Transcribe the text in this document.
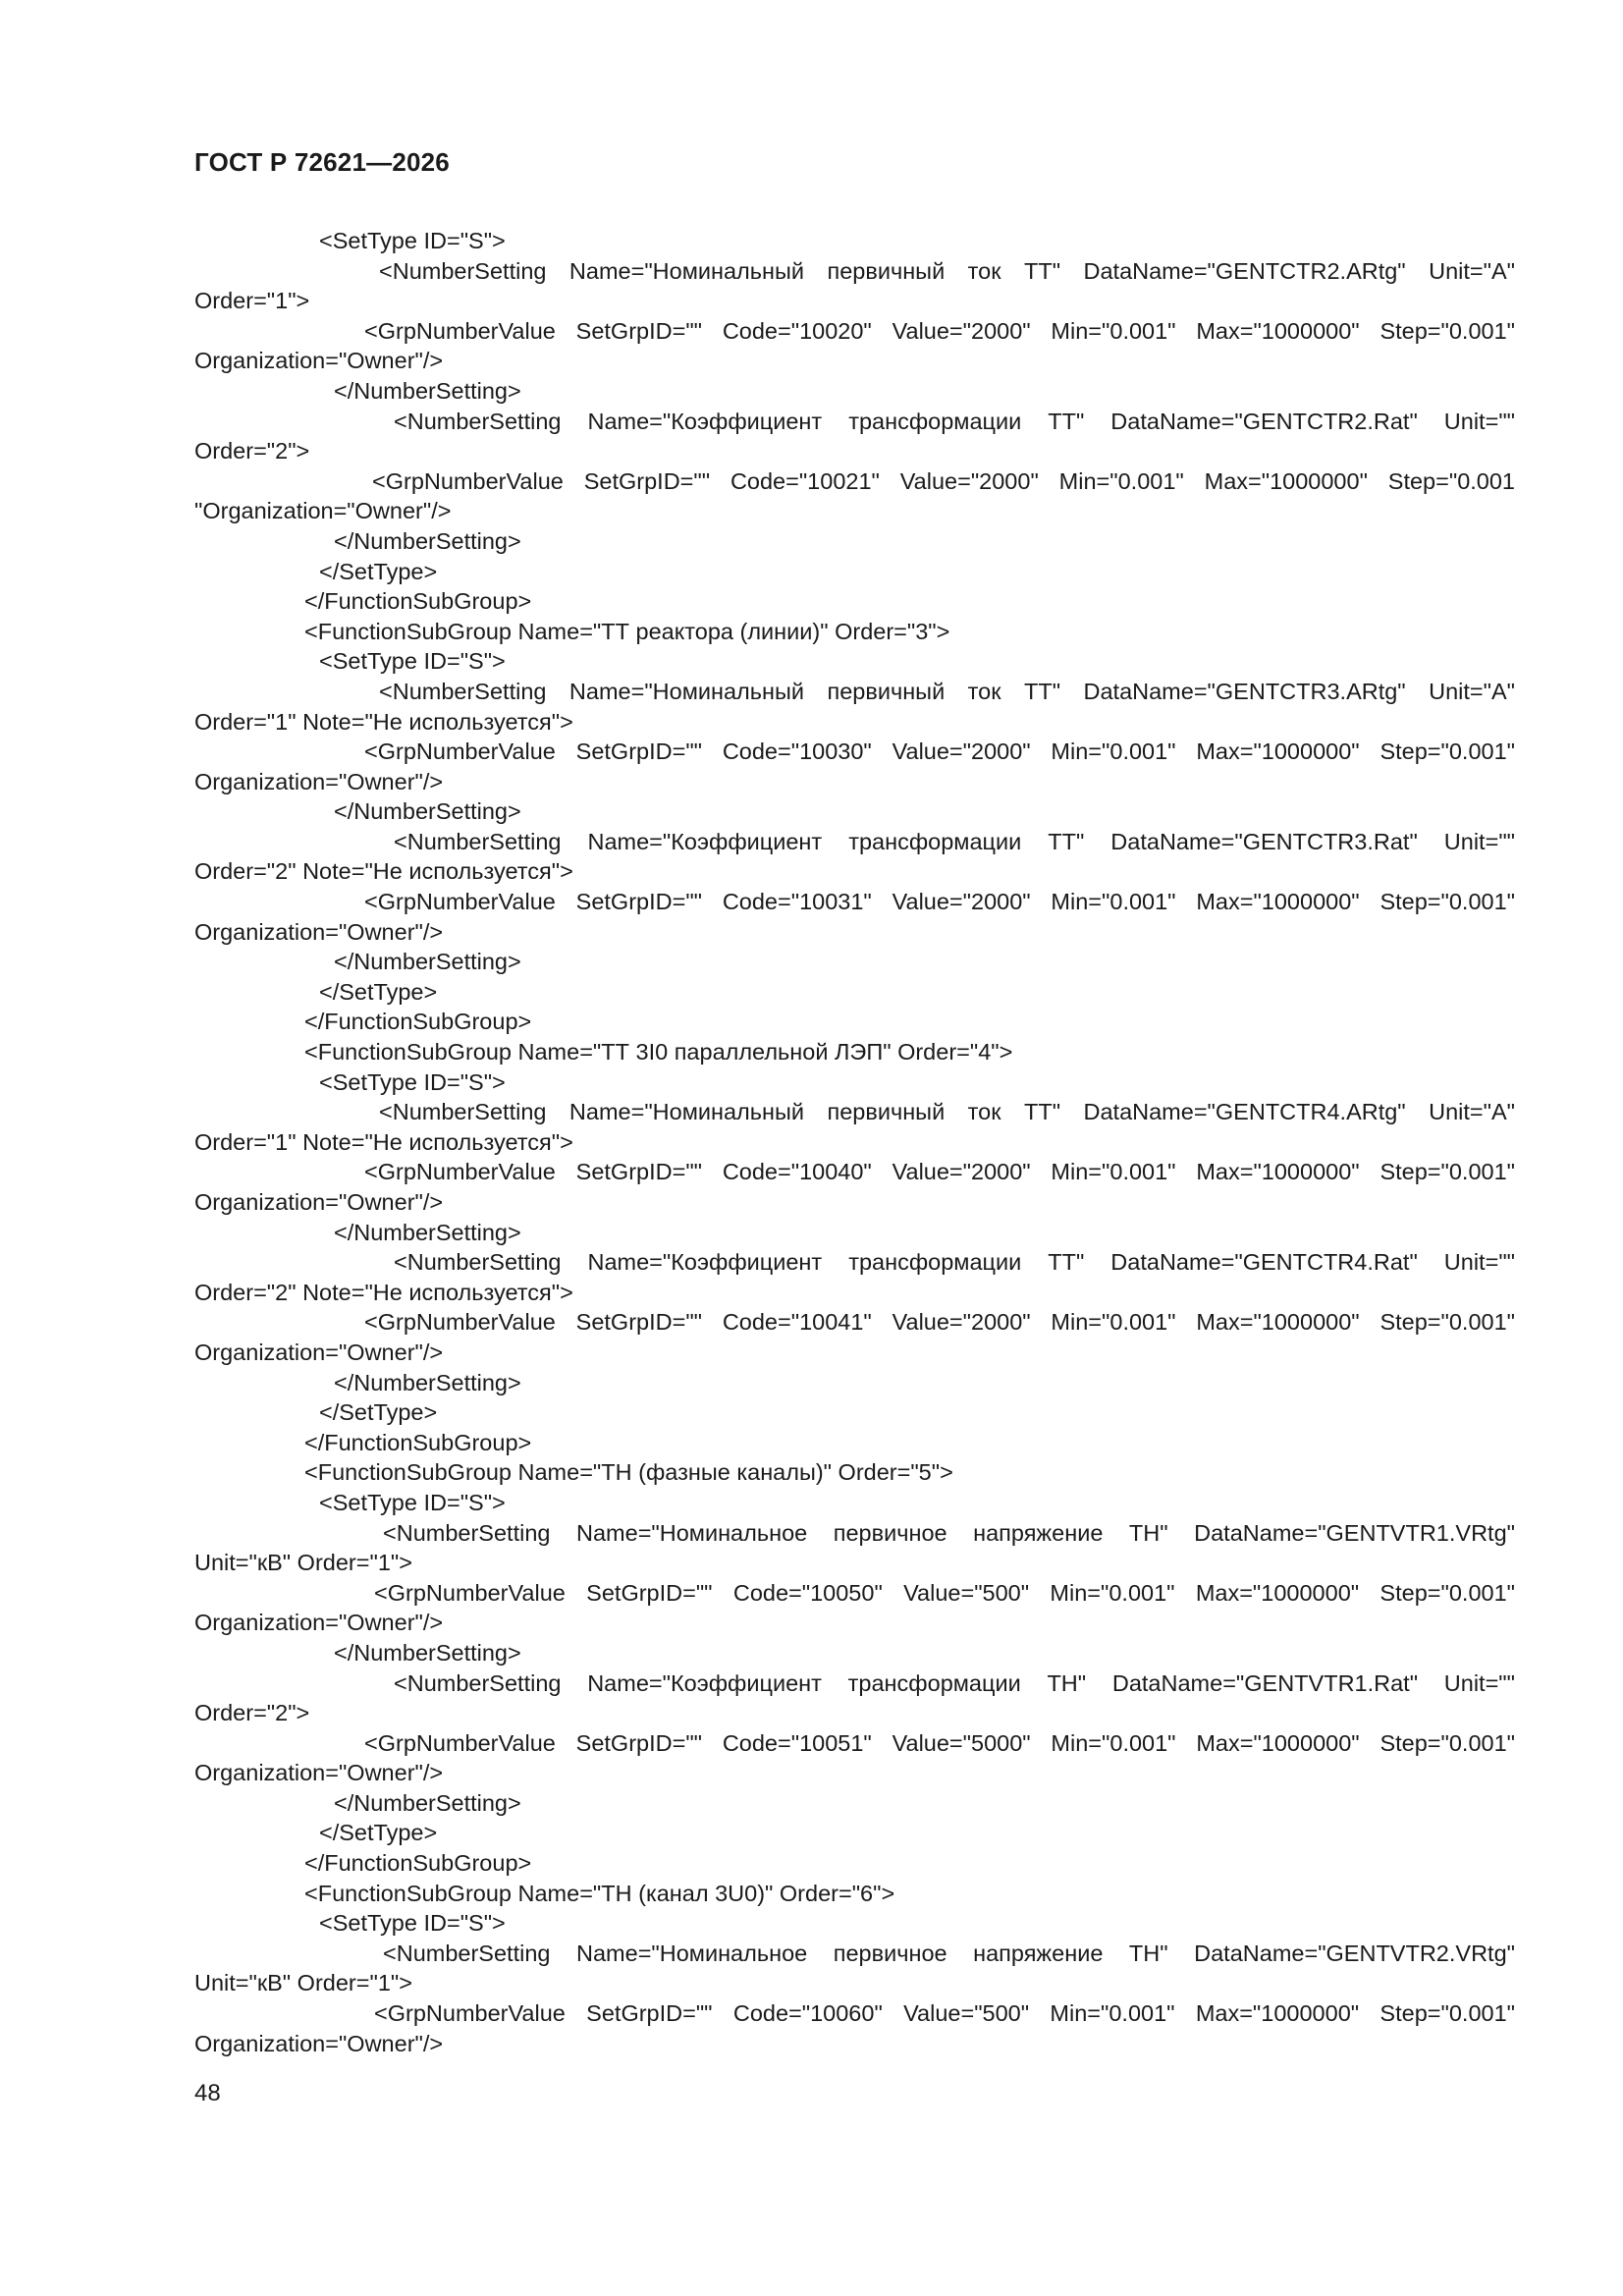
ГОСТ Р 72621—2026
<SetType ID="S">
<NumberSetting Name="Номинальный первичный ток ТТ" DataName="GENTCTR2.ARtg" Unit="A"
Order="1">
<GrpNumberValue SetGrpID="" Code="10020" Value="2000" Min="0.001" Max="1000000" Step="0.001"
Organization="Owner"/>
</NumberSetting>
<NumberSetting Name="Коэффициент трансформации ТТ" DataName="GENTCTR2.Rat" Unit=""
Order="2">
<GrpNumberValue SetGrpID="" Code="10021" Value="2000" Min="0.001" Max="1000000" Step="0.001
"Organization="Owner"/>
</NumberSetting>
</SetType>
</FunctionSubGroup>
<FunctionSubGroup Name="ТТ реактора (линии)" Order="3">
<SetType ID="S">
<NumberSetting Name="Номинальный первичный ток ТТ" DataName="GENTCTR3.ARtg" Unit="A"
Order="1" Note="Не используется">
<GrpNumberValue SetGrpID="" Code="10030" Value="2000" Min="0.001" Max="1000000" Step="0.001"
Organization="Owner"/>
</NumberSetting>
<NumberSetting Name="Коэффициент трансформации ТТ" DataName="GENTCTR3.Rat" Unit=""
Order="2" Note="Не используется">
<GrpNumberValue SetGrpID="" Code="10031" Value="2000" Min="0.001" Max="1000000" Step="0.001"
Organization="Owner"/>
</NumberSetting>
</SetType>
</FunctionSubGroup>
<FunctionSubGroup Name="ТТ 3I0 параллельной ЛЭП" Order="4">
<SetType ID="S">
<NumberSetting Name="Номинальный первичный ток ТТ" DataName="GENTCTR4.ARtg" Unit="A"
Order="1" Note="Не используется">
<GrpNumberValue SetGrpID="" Code="10040" Value="2000" Min="0.001" Max="1000000" Step="0.001"
Organization="Owner"/>
</NumberSetting>
<NumberSetting Name="Коэффициент трансформации ТТ" DataName="GENTCTR4.Rat" Unit=""
Order="2" Note="Не используется">
<GrpNumberValue SetGrpID="" Code="10041" Value="2000" Min="0.001" Max="1000000" Step="0.001"
Organization="Owner"/>
</NumberSetting>
</SetType>
</FunctionSubGroup>
<FunctionSubGroup Name="ТН (фазные каналы)" Order="5">
<SetType ID="S">
<NumberSetting Name="Номинальное первичное напряжение ТН" DataName="GENTVTR1.VRtg"
Unit="кВ" Order="1">
<GrpNumberValue SetGrpID="" Code="10050" Value="500" Min="0.001" Max="1000000" Step="0.001"
Organization="Owner"/>
</NumberSetting>
<NumberSetting Name="Коэффициент трансформации ТН" DataName="GENTVTR1.Rat" Unit=""
Order="2">
<GrpNumberValue SetGrpID="" Code="10051" Value="5000" Min="0.001" Max="1000000" Step="0.001"
Organization="Owner"/>
</NumberSetting>
</SetType>
</FunctionSubGroup>
<FunctionSubGroup Name="ТН (канал 3U0)" Order="6">
<SetType ID="S">
<NumberSetting Name="Номинальное первичное напряжение ТН" DataName="GENTVTR2.VRtg"
Unit="кВ" Order="1">
<GrpNumberValue SetGrpID="" Code="10060" Value="500" Min="0.001" Max="1000000" Step="0.001"
Organization="Owner"/>
48
